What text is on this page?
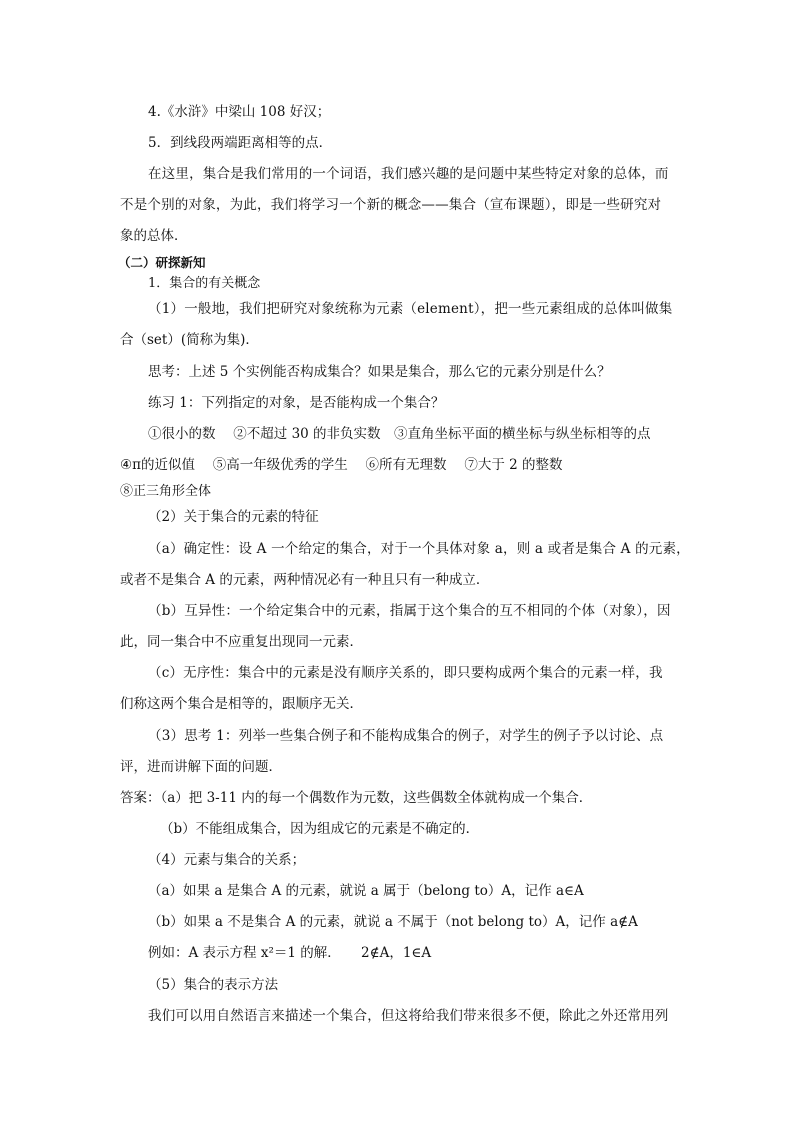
4.《水浒》中梁山 108 好汉；
5．到线段两端距离相等的点．
在这里，集合是我们常用的一个词语，我们感兴趣的是问题中某些特定对象的总体，而
不是个别的对象，为此，我们将学习一个新的概念——集合（宣布课题），即是一些研究对
象的总体．
（二）研探新知
1．集合的有关概念
（1）一般地，我们把研究对象统称为元素（element），把一些元素组成的总体叫做集
合（set）(简称为集)．
思考：上述 5 个实例能否构成集合？如果是集合，那么它的元素分别是什么？
练习 1：下列指定的对象，是否能构成一个集合？
①很小的数　 ②不超过 30 的非负实数　③直角坐标平面的横坐标与纵坐标相等的点
④π的近似值　 ⑤高一年级优秀的学生　 ⑥所有无理数　 ⑦大于 2 的整数
⑧正三角形全体
（2）关于集合的元素的特征
（a）确定性：设 A 一个给定的集合，对于一个具体对象 a，则 a 或者是集合 A 的元素，
或者不是集合 A 的元素，两种情况必有一种且只有一种成立．
（b）互异性：一个给定集合中的元素，指属于这个集合的互不相同的个体（对象），因
此，同一集合中不应重复出现同一元素．
（c）无序性：集合中的元素是没有顺序关系的，即只要构成两个集合的元素一样，我
们称这两个集合是相等的，跟顺序无关．
（3）思考 1：列举一些集合例子和不能构成集合的例子，对学生的例子予以讨论、点
评，进而讲解下面的问题．
答案：（a）把 3-11 内的每一个偶数作为元数，这些偶数全体就构成一个集合．
（b）不能组成集合，因为组成它的元素是不确定的．
（4）元素与集合的关系；
（a）如果 a 是集合 A 的元素，就说 a 属于（belong to）A，记作 a∈A
（b）如果 a 不是集合 A 的元素，就说 a 不属于（not belong to）A，记作 a∉A
例如：A 表示方程 x²＝1 的解．　　2∉A，1∈A
（5）集合的表示方法
我们可以用自然语言来描述一个集合，但这将给我们带来很多不便，除此之外还常用列
